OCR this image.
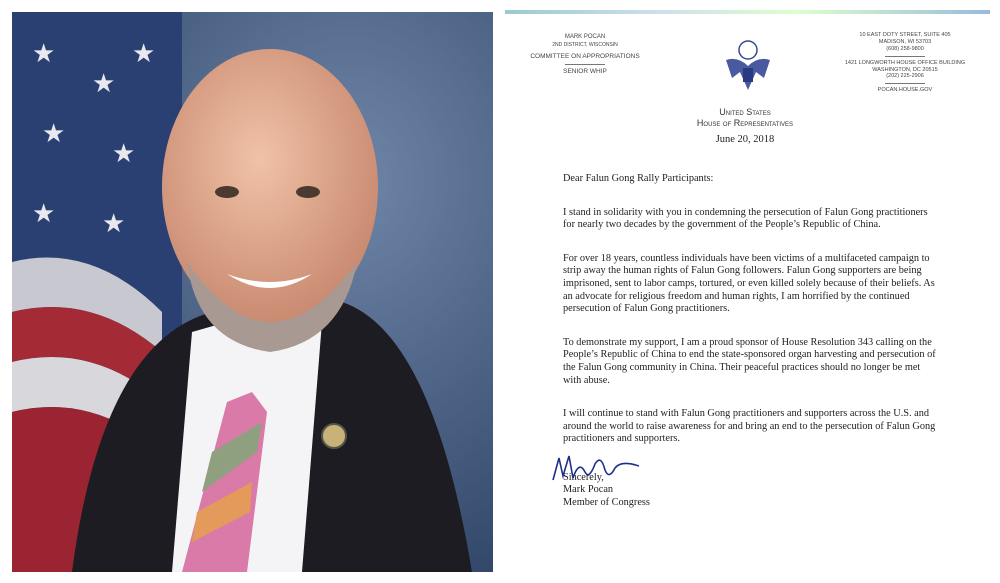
★
★
★
★
★ ★
★
MARK POCAN
2ND DISTRICT, WISCONSIN
COMMITTEE ON APPROPRIATIONS
SENIOR WHIP
10 EAST DOTY STREET, SUITE 405
MADISON, WI 53703
(608) 258-9800
1421 LONGWORTH HOUSE OFFICE BUILDING
WASHINGTON, DC 20515
(202) 225-2906
POCAN.HOUSE.GOV
United States
House of Representatives
June 20, 2018

Dear Falun Gong Rally Participants:

I stand in solidarity with you in condemning the persecution of Falun Gong practitioners for nearly two decades by the government of the People’s Republic of China.

For over 18 years, countless individuals have been victims of a multifaceted campaign to strip away the human rights of Falun Gong followers. Falun Gong supporters are being imprisoned, sent to labor camps, tortured, or even killed solely because of their beliefs. As an advocate for religious freedom and human rights, I am horrified by the continued persecution of Falun Gong practitioners.

To demonstrate my support, I am a proud sponsor of House Resolution 343 calling on the People’s Republic of China to end the state-sponsored organ harvesting and persecution of the Falun Gong community in China. Their peaceful practices should no longer be met with abuse.

I will continue to stand with Falun Gong practitioners and supporters across the U.S. and around the world to raise awareness for and bring an end to the persecution of Falun Gong practitioners and supporters.

Sincerely,

Mark Pocan
Member of Congress
